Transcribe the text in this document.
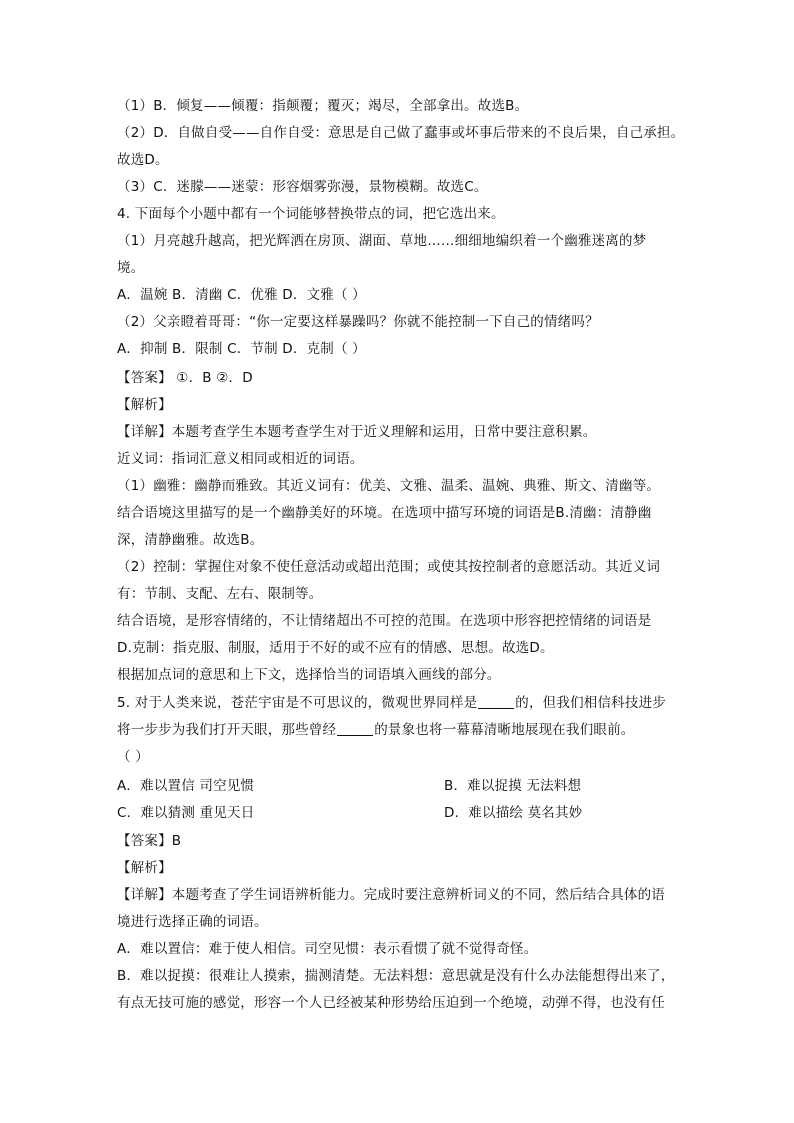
（1）B．倾复——倾覆：指颠覆；覆灭；竭尽，全部拿出。故选B。
（2）D．自做自受——自作自受：意思是自己做了蠢事或坏事后带来的不良后果，自己承担。
故选D。
（3）C．迷朦——迷蒙：形容烟雾弥漫，景物模糊。故选C。
4. 下面每个小题中都有一个词能够替换带点的词，把它选出来。
（1）月亮越升越高，把光辉洒在房顶、湖面、草地……细细地编织着一个幽雅迷离的梦
境。
A．温婉 B．清幽 C．优雅 D．文雅（ ）
（2）父亲瞪着哥哥：“你一定要这样暴躁吗？你就不能控制一下自己的情绪吗？
A．抑制 B．限制 C．节制 D．克制（ ）
【答案】 ①．B ②．D
【解析】
【详解】本题考查学生本题考查学生对于近义理解和运用，日常中要注意积累。
近义词：指词汇意义相同或相近的词语。
（1）幽雅：幽静而雅致。其近义词有：优美、文雅、温柔、温婉、典雅、斯文、清幽等。
结合语境这里描写的是一个幽静美好的环境。在选项中描写环境的词语是B.清幽：清静幽
深，清静幽雅。故选B。
（2）控制：掌握住对象不使任意活动或超出范围；或使其按控制者的意愿活动。其近义词
有：节制、支配、左右、限制等。
结合语境，是形容情绪的，不让情绪超出不可控的范围。在选项中形容把控情绪的词语是
D.克制：指克服、制服，适用于不好的或不应有的情感、思想。故选D。
根据加点词的意思和上下文，选择恰当的词语填入画线的部分。
5. 对于人类来说，苍茫宇宙是不可思议的，微观世界同样是	的，但我们相信科技进步
将一步步为我们打开天眼，那些曾经	的景象也将一幕幕清晰地展现在我们眼前。
（ ）
A．难以置信 司空见惯	B．难以捉摸 无法料想
C．难以猜测 重见天日	D．难以描绘 莫名其妙
【答案】B
【解析】
【详解】本题考查了学生词语辨析能力。完成时要注意辨析词义的不同，然后结合具体的语
境进行选择正确的词语。
A．难以置信：难于使人相信。司空见惯：表示看惯了就不觉得奇怪。
B．难以捉摸：很难让人摸索，揣测清楚。无法料想：意思就是没有什么办法能想得出来了，
有点无技可施的感觉，形容一个人已经被某种形势给压迫到一个绝境，动弹不得，也没有任
